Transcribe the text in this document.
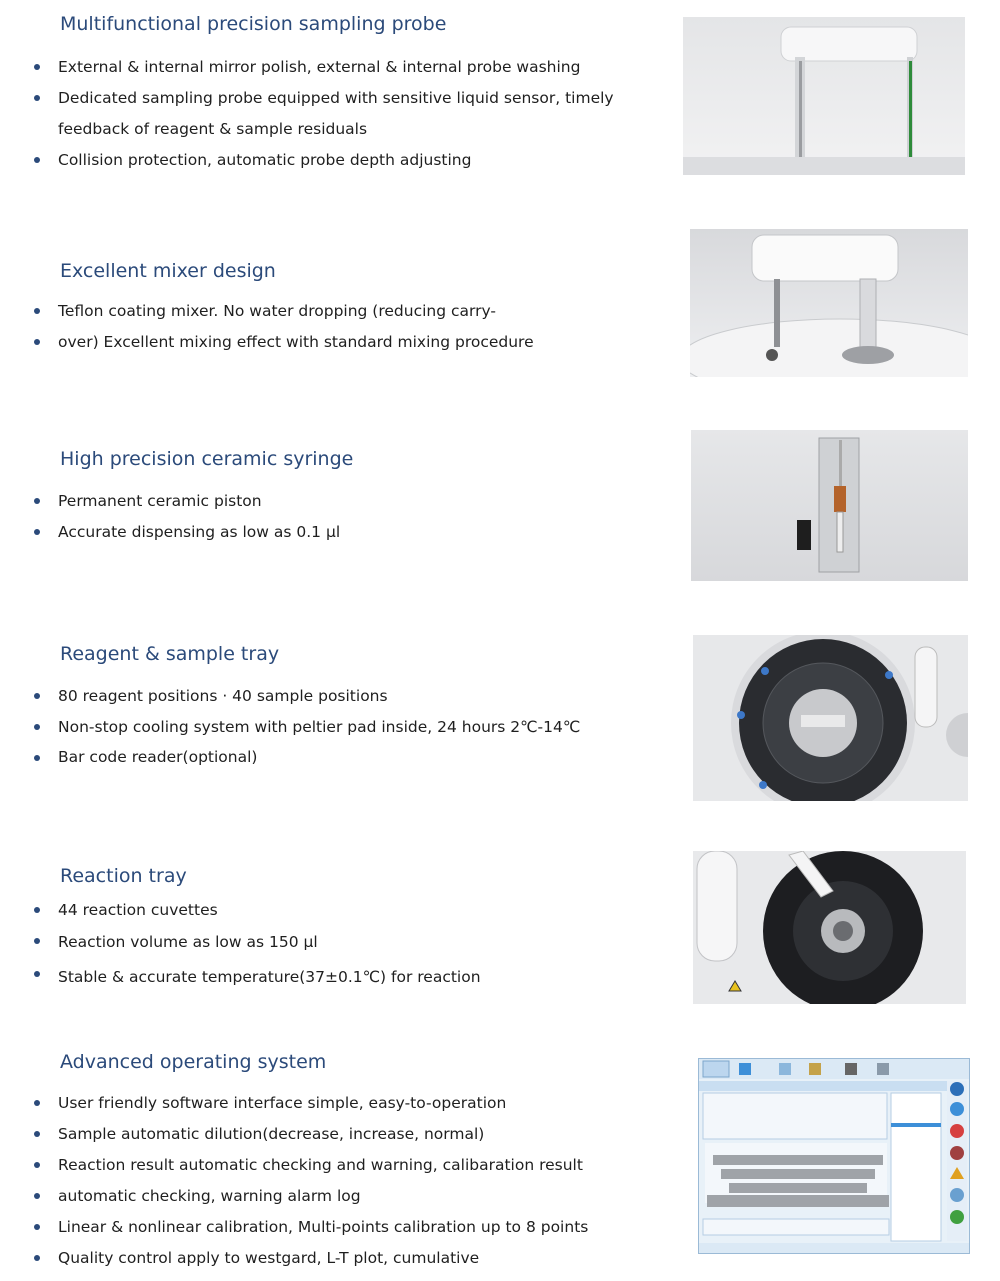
Multifunctional precision sampling probe
External & internal mirror polish, external & internal probe washing
Dedicated sampling probe equipped with sensitive liquid sensor, timely
feedback of reagent & sample residuals
Collision protection, automatic probe depth adjusting
Excellent mixer design
Teflon coating mixer. No water dropping (reducing carry-
over) Excellent mixing effect with standard mixing procedure
High precision ceramic syringe
Permanent ceramic piston
Accurate dispensing as low as 0.1 µl
Reagent & sample tray
80 reagent positions · 40 sample positions
Non-stop cooling system with peltier pad inside, 24 hours 2℃-14℃
Bar code reader(optional)
Reaction tray
44 reaction cuvettes
Reaction volume as low as 150 µl
Stable & accurate temperature(37±0.1℃) for reaction
Advanced operating system
User friendly software interface simple, easy-to-operation
Sample automatic dilution(decrease, increase, normal)
Reaction result automatic checking and warning, calibaration result
automatic checking, warning alarm log
Linear & nonlinear calibration, Multi-points calibration up to 8 points
Quality control apply to westgard, L-T plot, cumulative
